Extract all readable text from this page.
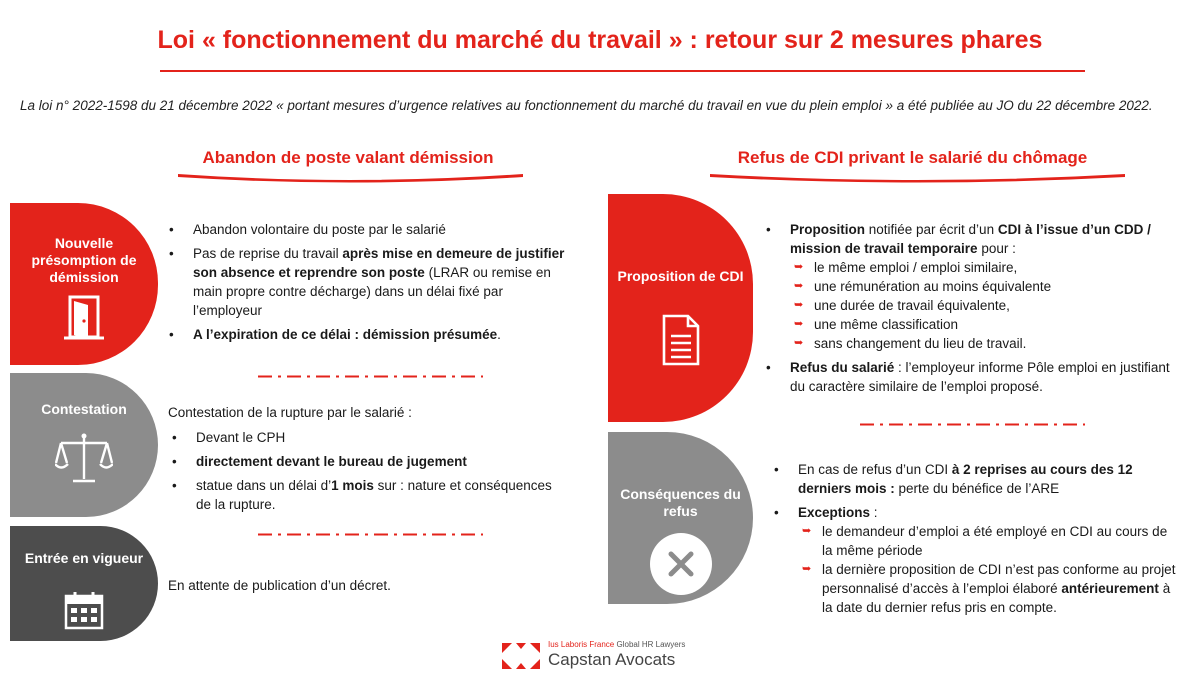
Loi « fonctionnement du marché du travail » : retour sur 2 mesures phares
La loi n° 2022-1598 du 21 décembre 2022 « portant mesures d’urgence relatives au fonctionnement du marché du travail en vue du plein emploi » a été publiée au JO du 22 décembre 2022.
Abandon de poste valant démission	Refus de CDI privant le salarié du chômage
Nouvelle présomption de démission
• Abandon volontaire du poste par le salarié
• Pas de reprise du travail après mise en demeure de justifier son absence et reprendre son poste (LRAR ou remise en main propre contre décharge) dans un délai fixé par l’employeur
• A l’expiration de ce délai : démission présumée.
Contestation	Contestation de la rupture par le salarié :

• Devant le CPH
• directement devant le bureau de jugement
• statue dans un délai d’1 mois sur : nature et conséquences de la rupture.
Entrée en vigueur
En attente de publication d’un décret.
Proposition de CDI
• Proposition notifiée par écrit d’un CDI à l’issue d’un CDD / mission de travail temporaire pour :
➥ le même emploi / emploi similaire,
➥ une rémunération au moins équivalente
➥ une durée de travail équivalente,
➥ une même classification
➥ sans changement du lieu de travail.
• Refus du salarié : l’employeur informe Pôle emploi en justifiant du caractère similaire de l’emploi proposé.
Conséquences du refus
• En cas de refus d’un CDI à 2 reprises au cours des 12 derniers mois : perte du bénéfice de l’ARE
• Exceptions :
➥ le demandeur d’emploi a été employé en CDI au cours de la même période
➥ la dernière proposition de CDI n’est pas conforme au projet personnalisé d’accès à l’emploi élaboré antérieurement à la date du dernier refus pris en compte.
Ius Laboris France Global HR Lawyers
Capstan Avocats
